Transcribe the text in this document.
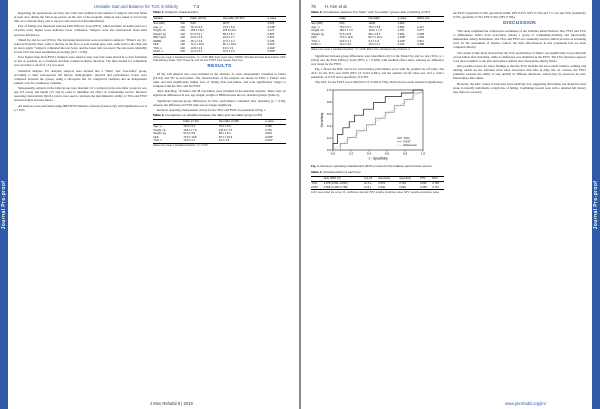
Journal Pre-proof
Unstable Gait and Balance for TUG in Elderly	7.3

Regarding the spontaneous recovery rate, falls were defined as the number of subjects who had fallen at least once during the follow-up period. At the start of the program, subjects were asked to record any falls on a calendar diary, and to report to the research team immediately.

Fear of falling was measured with the Falls Efficacy Scale (FES), which includes 10 items rated on a 10-point scale; higher score indicates lower confidence. Subjects were also interviewed about their previous fall history.

Timed Up and Go test (TUG). The following instructions were provided to subjects: "When I say 'go', stand up from the chair, walk to the line on the floor at your normal pace, turn, walk back to the chair and sit down again." Subjects completed the test twice, and the faster trial was used. The test-retest reliability for the TUG has been established previously (ICC = 0.99).

Four Square Step Test (FSST). Subjects were asked to step over four canes placed in a cross formation as fast as possible, in a clockwise and then counterclockwise direction. The time needed for completion was recorded; a cutoff of 15 s was used.

Statistical analysis. For analysis, subjects were divided into a "faller" and "non-faller" group, according to their self-reported fall history. Demographic, physical and performance scores were compared between the groups, using a chi-square test for categorical variables and an independent sample t-test for continuous variables.

Subsequently, subjects in the faller group were matched 1:2 to subjects in the non-faller group for sex, age (±3 years) and height (±5 cm) in order to minimize the effect of confounding factors. Receiver operating characteristic (ROC) curves were used to evaluate the discriminative ability of TUG and FSST between fallers and non-fallers.

All analyses were performed using IBM SPSS Statistics software (version 24), with significance set at p < 0.05.

Table 1. Subjects' characteristics
Variable	N	Faller (N=21)	Non-faller (N=107)	p-value
Sex (M/F)	128	5/16	30/77	0.626
Age, yr	128	76.4 ± 6.9	73.5 ± 5.8	0.049*
Height, cm	128	153.1 ± 8.2	155.8 ± 8.0	0.172
Weight, kg	128	57.9 ± 9.1	58.4 ± 8.7	0.803
BMI, kg/m²	128	24.6 ± 2.9	24.0 ± 2.7	0.362
MMSE	128	26.1 ± 2.9	27.0 ± 2.4	0.136
FES	128	72.2 ± 20.6	86.1 ± 16.0	0.001*
TUG, s	128	10.8 ± 2.9	9.3 ± 1.9	0.004*
FSST, s	128	12.4 ± 3.2	10.5 ± 2.6	0.005*
Values are mean ± standard deviation. *p < 0.05. BMI: body mass index; MMSE: Mini-Mental State Examination; FES: Falls Efficacy Scale; TUG: Timed Up and Go test; FSST: Four Square Step Test.
RESULTS

Of the 128 subjects who were included in the analysis, 21 were subsequently classified as fallers (16.4%) and 107 as non-fallers. The characteristics of the subjects are shown in Table 1. Fallers were older and had significantly higher fear of falling than non-fallers, and took significantly longer to complete both the TUG and the FSST.

After matching, 19 fallers and 38 non-fallers were included in the matched analysis. There were no significant differences in sex, age, height, weight or BMI between the two matched groups (Table 2).

Significant between-group differences in TUG performance remained after matching (p < 0.05), whereas the difference in FSST time was no longer significant.

Receiver operating characteristic curves for the TUG and FSST are presented in Fig. 1.

Table 2. Comparison of variables between the faller and non-faller group (n=57)
	Faller (n=19)	Non-faller (n=38)	p-value
Age, yr	75.9 ± 6.1	75.2 ± 5.8	0.680
Height, cm	153.4 ± 7.9	154.0 ± 7.6	0.781
Weight, kg	57.6 ± 8.8	58.1 ± 8.4	0.834
FES	73.5 ± 19.8	84.7 ± 16.9	0.028*
TUG, s	10.6 ± 2.7	9.2 ± 1.8	0.024*
Values are mean ± standard deviation. *p < 0.05.
J Mov Rehabil 9 | 2019
Journal Pre-proof
78 H. Kim et al.
Table 3. Comparison between the "faller" and "non-faller" groups after matching (n=57)
	Faller	Non-faller	p-value	Effect size
Sex (M/F)	5/14	10/28	1.000	-
Age, yr	75.9 ± 6.1	75.2 ± 5.8	0.680	0.117
Height, cm	153.4 ± 7.9	154.0 ± 7.6	0.781	0.077
Weight, kg	57.6 ± 8.8	58.1 ± 8.4	0.834	0.058
FES	73.5 ± 19.8	84.7 ± 16.9	0.028*	0.609
TUG, s	10.6 ± 2.7	9.2 ± 1.8	0.024*	0.611
FSST, s	12.0 ± 3.0	10.9 ± 2.7	0.162	0.386
Values are mean ± standard deviation. *p < 0.05. Effect size calculated using Cohen's d.

Significant between-group differences were identified only for the Timed Up and Go test (TUG; p = 0.024) and the Falls Efficacy Scale (FES; p = 0.028), with medium effect sizes, whereas no difference was found for the FSST.

Fig. 1 shows the ROC curves for each balance performance score with the optimal cut-off value. The AUC for the TUG was 0.676 (95% CI: 0.521–0.831), and the optimal cut-off value was 10.3 s, with a sensitivity of 0.579 and a specificity of 0.763.

The AUC for the FSST was 0.598 (95% CI: 0.438–0.758), which did not reach statistical significance.

0.0	0.2	0.4	0.6	0.8	1.0
0.0
0.2
0.4
0.6
0.8
1.0
1 - Specificity
Sensitivity
TUG
FSST
Reference
Fig. 1. Receiver operating characteristic (ROC) curves for the balance performance scores.
Table 4. Characteristics of each test
	AUC (95% CI)	Cut-off	Sensitivity	Specificity	PPV	NPV
TUG	0.676 (0.521–0.831)	10.3 s	0.579	0.763	0.550	0.784
FSST	0.598 (0.438–0.758)	11.5 s	0.526	0.684	0.455	0.743
AUC: area under the curve; CI: confidence interval; PPV: positive predictive value; NPV: negative predictive value.

the FSST (sensitivity 0.526, specificity 0.684, PPV 0.455, NPV 0.743) and 7.3 s for the TUG (sensitivity 0.579, specificity 0.763, PPV 0.550, NPV 0.784).

DISCUSSION

This study examined the comparative usefulness of the Unstable Retest Balance Test, FSST and TUG to differentiate fallers from non-fallers among a group of community-dwelling and functionally independent elderly individuals. The TUG and FSST are commonly used in clinical practice as screening tools for the assessment of balance control, but their effectiveness in this population had not been compared directly.

The results of this study showed that the TUG performance of fallers was significantly worse than that of non-fallers after matching, while no difference was identified in the FSST. The TUG therefore appears to be more sensitive to the gait and balance deficits that characterise elderly fallers.

One possible reason for these findings is that the TUG includes the sit-to-stand transfer, walking and turning, which are the activities most often associated with falls in daily life. In contrast, the FSST primarily assesses the ability to step quickly in different directions, which may be preserved in well-functioning older adults.

However, the AUC values of both tests were relatively low, suggesting that neither test should be used alone to identify individuals at high risk of falling. Combining several tests with a detailed fall history may improve accuracy.

www.jmrehabil.org/jmr
